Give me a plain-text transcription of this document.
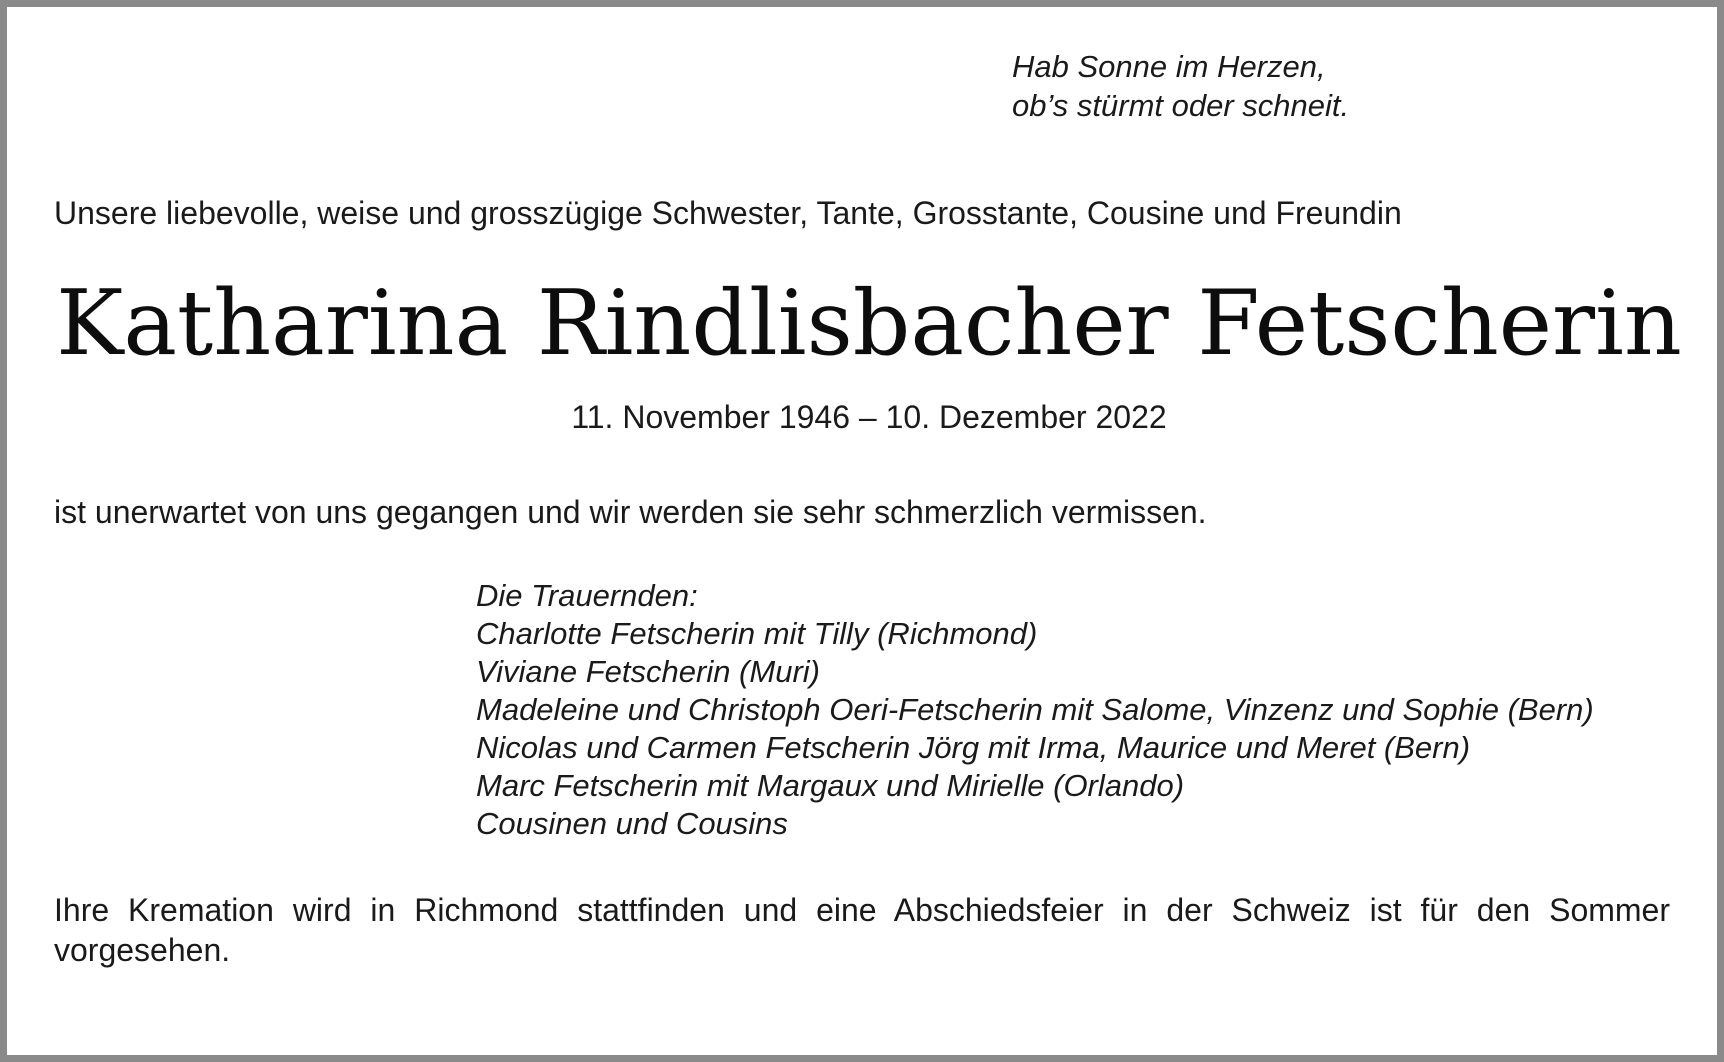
Hab Sonne im Herzen,
ob’s stürmt oder schneit.
Unsere liebevolle, weise und grosszügige Schwester, Tante, Grosstante, Cousine und Freundin
Katharina Rindlisbacher Fetscherin
11. November 1946 – 10. Dezember 2022
ist unerwartet von uns gegangen und wir werden sie sehr schmerzlich vermissen.
Die Trauernden:
Charlotte Fetscherin mit Tilly (Richmond)
Viviane Fetscherin (Muri)
Madeleine und Christoph Oeri-Fetscherin mit Salome, Vinzenz und Sophie (Bern)
Nicolas und Carmen Fetscherin Jörg mit Irma, Maurice und Meret (Bern)
Marc Fetscherin mit Margaux und Mirielle (Orlando)
Cousinen und Cousins
Ihre Kremation wird in Richmond stattfinden und eine Abschiedsfeier in der Schweiz ist für den Sommer vorgesehen.
